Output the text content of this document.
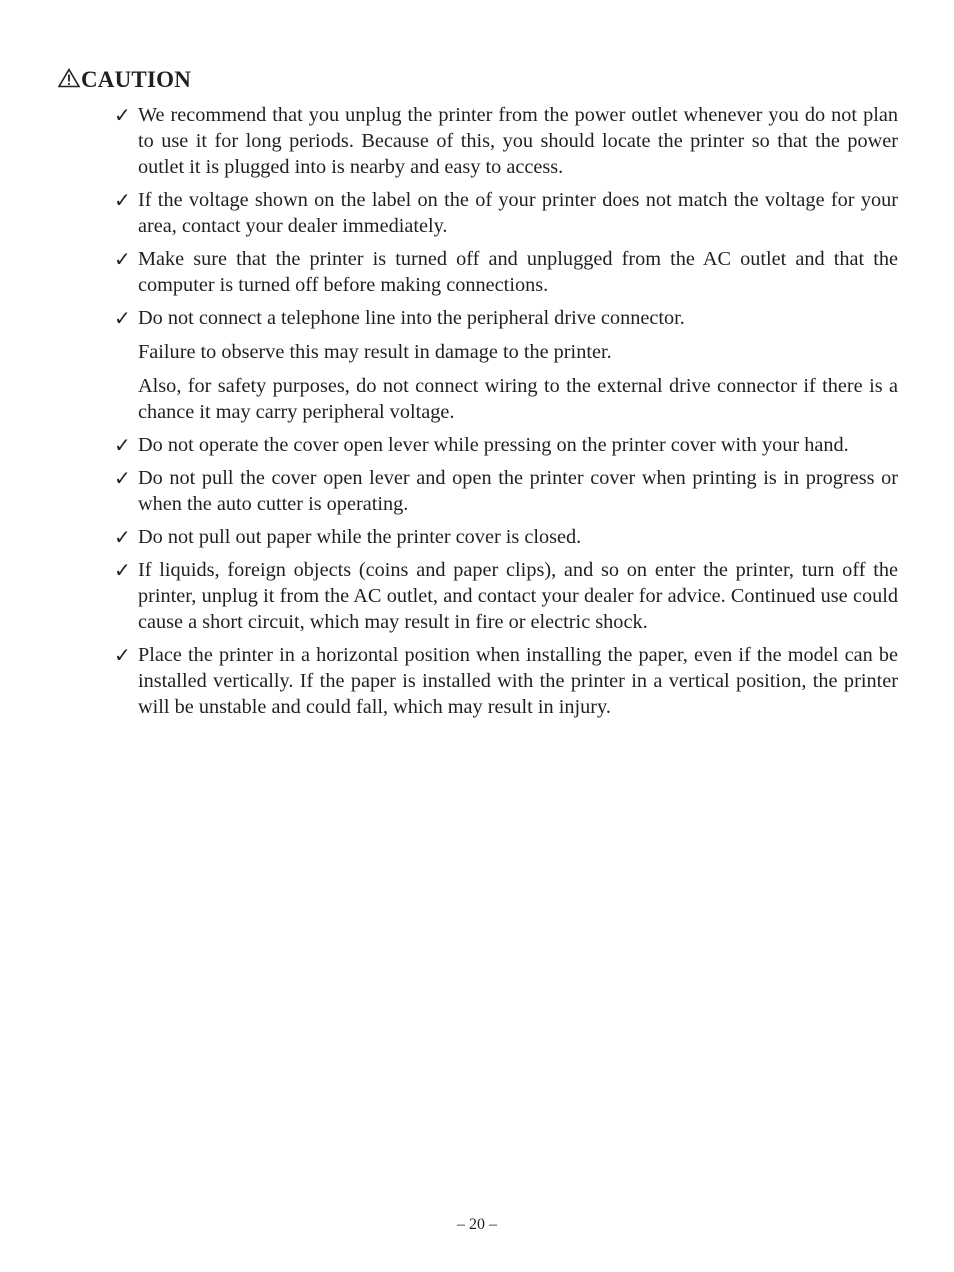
CAUTION
✓ We recommend that you unplug the printer from the power outlet whenever you do not plan to use it for long periods. Because of this, you should locate the printer so that the power outlet it is plugged into is nearby and easy to access.

✓ If the voltage shown on the label on the of your printer does not match the voltage for your area, contact your dealer immediately.

✓ Make sure that the printer is turned off and unplugged from the AC outlet and that the computer is turned off before making connections.

✓ Do not connect a telephone line into the peripheral drive connector.

Failure to observe this may result in damage to the printer.

Also, for safety purposes, do not connect wiring to the external drive connector if there is a chance it may carry peripheral voltage.

✓ Do not operate the cover open lever while pressing on the printer cover with your hand.

✓ Do not pull the cover open lever and open the printer cover when printing is in progress or when the auto cutter is operating.

✓ Do not pull out paper while the printer cover is closed.

✓ If liquids, foreign objects (coins and paper clips), and so on enter the printer, turn off the printer, unplug it from the AC outlet, and contact your dealer for advice. Continued use could cause a short circuit, which may result in fire or electric shock.

✓ Place the printer in a horizontal position when installing the paper, even if the model can be installed vertically. If the paper is installed with the printer in a vertical position, the printer will be unstable and could fall, which may result in injury.

– 20 –
